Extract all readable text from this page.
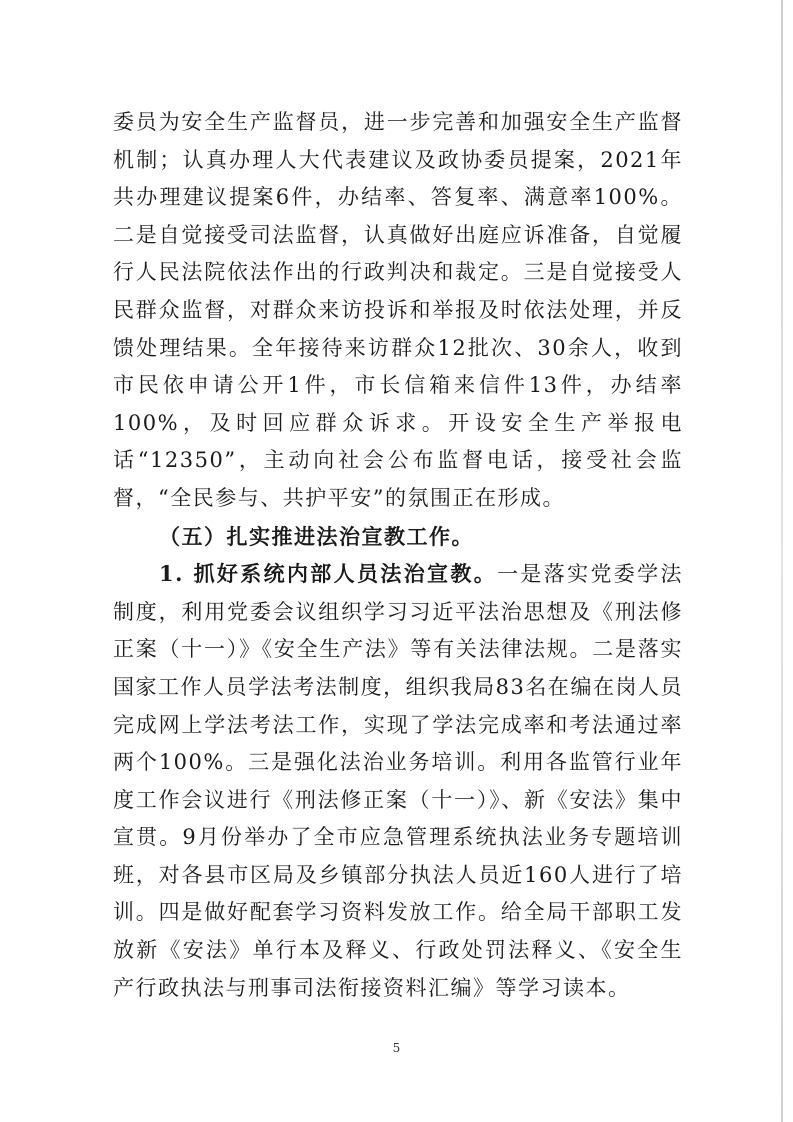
委员为安全生产监督员，进一步完善和加强安全生产监督机制；认真办理人大代表建议及政协委员提案，2021年共办理建议提案6件，办结率、答复率、满意率100%。二是自觉接受司法监督，认真做好出庭应诉准备，自觉履行人民法院依法作出的行政判决和裁定。三是自觉接受人民群众监督，对群众来访投诉和举报及时依法处理，并反馈处理结果。全年接待来访群众12批次、30余人，收到市民依申请公开1件，市长信箱来信件13件，办结率100%，及时回应群众诉求。开设安全生产举报电话“12350”，主动向社会公布监督电话，接受社会监督，“全民参与、共护平安”的氛围正在形成。

（五）扎实推进法治宣教工作。

1. 抓好系统内部人员法治宣教。一是落实党委学法制度，利用党委会议组织学习习近平法治思想及《刑法修正案（十一）》《安全生产法》等有关法律法规。二是落实国家工作人员学法考法制度，组织我局83名在编在岗人员完成网上学法考法工作，实现了学法完成率和考法通过率两个100%。三是强化法治业务培训。利用各监管行业年度工作会议进行《刑法修正案（十一）》、新《安法》集中宣贯。9月份举办了全市应急管理系统执法业务专题培训班，对各县市区局及乡镇部分执法人员近160人进行了培训。四是做好配套学习资料发放工作。给全局干部职工发放新《安法》单行本及释义、行政处罚法释义、《安全生产行政执法与刑事司法衔接资料汇编》等学习读本。

5
